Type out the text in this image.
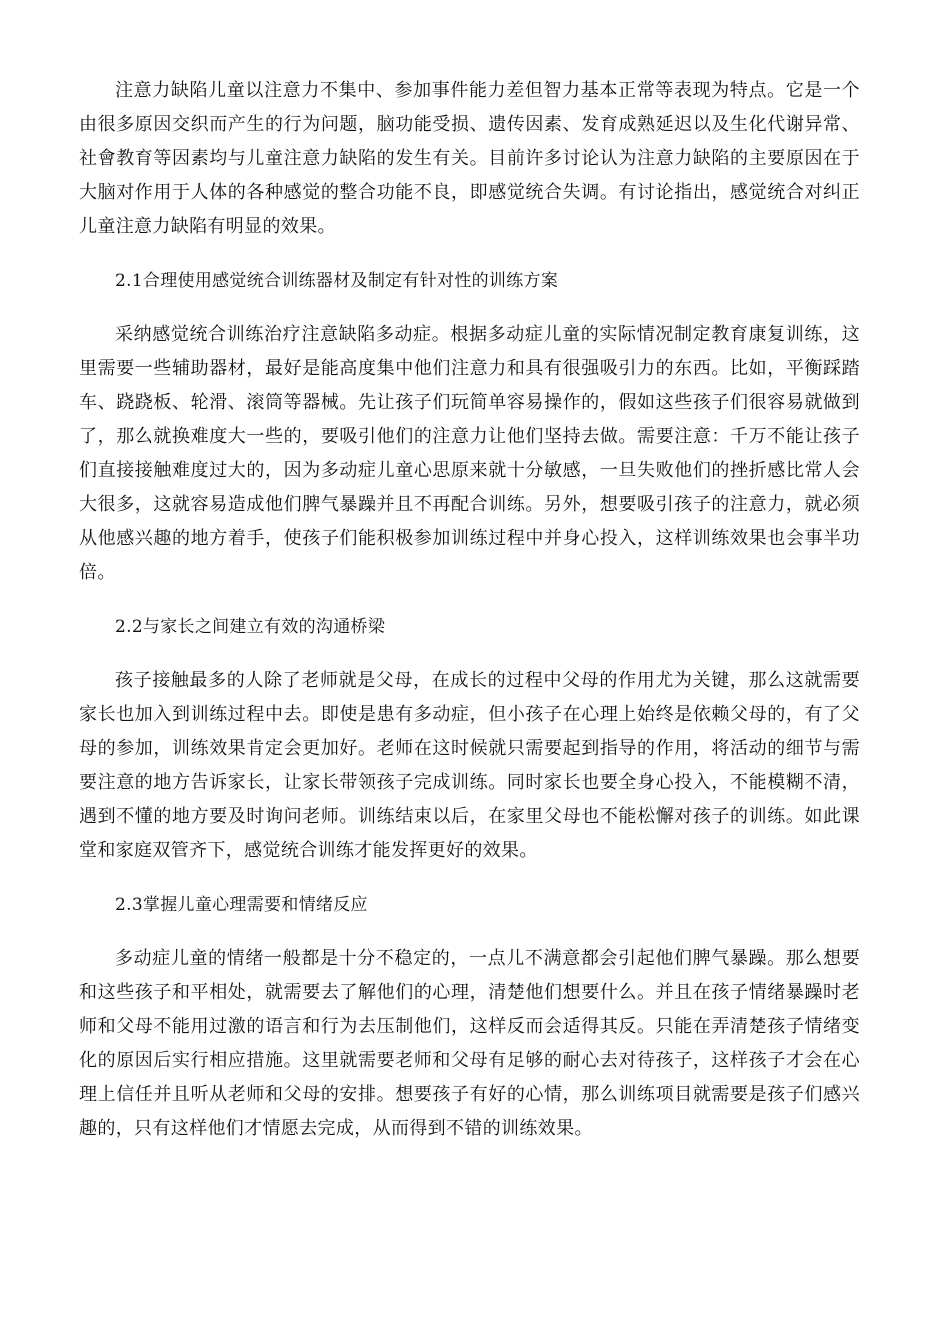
注意力缺陷儿童以注意力不集中、参加事件能力差但智力基本正常等表现为特点。它是一个由很多原因交织而产生的行为问题，脑功能受损、遗传因素、发育成熟延迟以及生化代谢异常、社會教育等因素均与儿童注意力缺陷的发生有关。目前许多讨论认为注意力缺陷的主要原因在于大脑对作用于人体的各种感觉的整合功能不良，即感觉统合失调。有讨论指出，感觉统合对纠正儿童注意力缺陷有明显的效果。

2.1合理使用感觉统合训练器材及制定有针对性的训练方案

采纳感觉统合训练治疗注意缺陷多动症。根据多动症儿童的实际情况制定教育康复训练，这里需要一些辅助器材，最好是能高度集中他们注意力和具有很强吸引力的东西。比如，平衡踩踏车、跷跷板、轮滑、滚筒等器械。先让孩子们玩简单容易操作的，假如这些孩子们很容易就做到了，那么就换难度大一些的，要吸引他们的注意力让他们坚持去做。需要注意：千万不能让孩子们直接接触难度过大的，因为多动症儿童心思原来就十分敏感，一旦失败他们的挫折感比常人会大很多，这就容易造成他们脾气暴躁并且不再配合训练。另外，想要吸引孩子的注意力，就必须从他感兴趣的地方着手，使孩子们能积极参加训练过程中并身心投入，这样训练效果也会事半功倍。

2.2与家长之间建立有效的沟通桥梁

孩子接触最多的人除了老师就是父母，在成长的过程中父母的作用尤为关键，那么这就需要家长也加入到训练过程中去。即使是患有多动症，但小孩子在心理上始终是依赖父母的，有了父母的参加，训练效果肯定会更加好。老师在这时候就只需要起到指导的作用，将活动的细节与需要注意的地方告诉家长，让家长带领孩子完成训练。同时家长也要全身心投入，不能模糊不清，遇到不懂的地方要及时询问老师。训练结束以后，在家里父母也不能松懈对孩子的训练。如此课堂和家庭双管齐下，感觉统合训练才能发挥更好的效果。

2.3掌握儿童心理需要和情绪反应

多动症儿童的情绪一般都是十分不稳定的，一点儿不满意都会引起他们脾气暴躁。那么想要和这些孩子和平相处，就需要去了解他们的心理，清楚他们想要什么。并且在孩子情绪暴躁时老师和父母不能用过激的语言和行为去压制他们，这样反而会适得其反。只能在弄清楚孩子情绪变化的原因后实行相应措施。这里就需要老师和父母有足够的耐心去对待孩子，这样孩子才会在心理上信任并且听从老师和父母的安排。想要孩子有好的心情，那么训练项目就需要是孩子们感兴趣的，只有这样他们才情愿去完成，从而得到不错的训练效果。
